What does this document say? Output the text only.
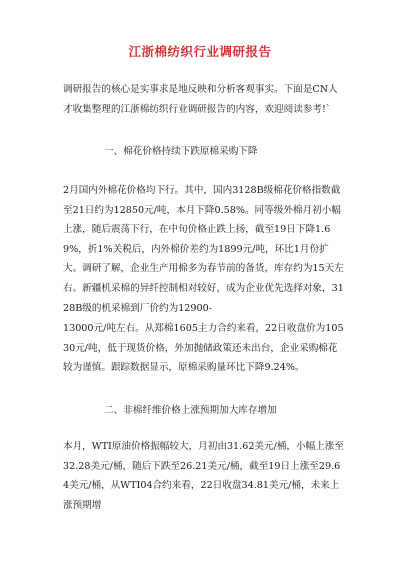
江浙棉纺织行业调研报告
调研报告的核心是实事求是地反映和分析客观事实。下面是CN人才收集整理的江浙棉纺织行业调研报告的内容，欢迎阅读参考!`
一、棉花价格持续下跌原棉采购下降
2月国内外棉花价格均下行。其中，国内3128B级棉花价格指数截至21日约为12850元/吨，本月下降0.58%。同等级外棉月初小幅上涨，随后震荡下行，在中旬价格止跌上扬，截至19日下降1.69%，折1%关税后，内外棉价差约为1899元/吨，环比1月份扩大。调研了解，企业生产用棉多为春节前的备货，库存约为15天左右。新疆机采棉的异纤控制相对较好，成为企业优先选择对象，3128B级的机采棉到厂价约为12900-
13000元/吨左右。从郑棉1605主力合约来看，22日收盘价为10530元/吨，低于现货价格，外加抛储政策还未出台，企业采购棉花较为谨慎。跟踪数据显示，原棉采购量环比下降9.24%。
二、非棉纤维价格上涨预期加大库存增加
本月，WTI原油价格振幅较大，月初由31.62美元/桶，小幅上涨至32.28美元/桶，随后下跌至26.21美元/桶，截至19日上涨至29.64美元/桶，从WTI04合约来看，22日收盘34.81美元/桶，未来上涨预期增
